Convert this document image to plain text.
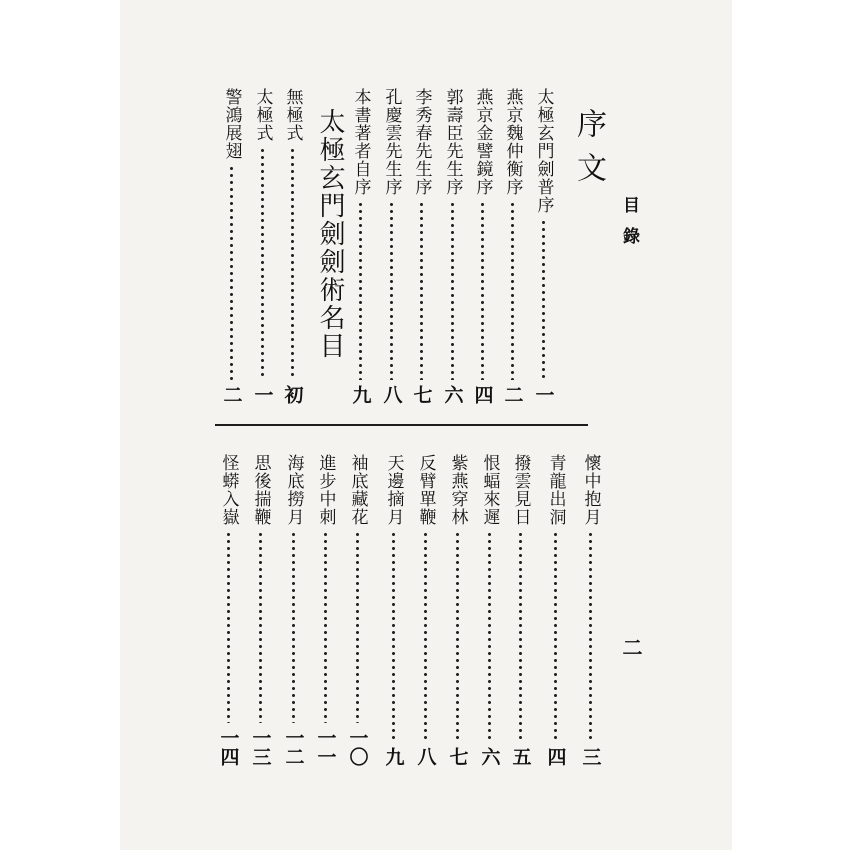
目錄
二
序文
太極玄門劍普序
一
燕京魏仲衡序
二
燕京金譬鏡序
四
郭壽臣先生序
六
李秀春先生序
七
孔慶雲先生序
八
本書著者自序
九
太極玄門劍劍術名目
無極式
初
太極式
一
警鴻展翅
二
懷中抱月
三
青龍出洞
四
撥雲見日
五
恨蝠來遲
六
紫燕穿林
七
反臂單鞭
八
天邊摘月
九
袖底藏花
一〇
進步中刺
一一
海底撈月
一二
思後揣鞭
一三
怪蟒入嶽
一四
